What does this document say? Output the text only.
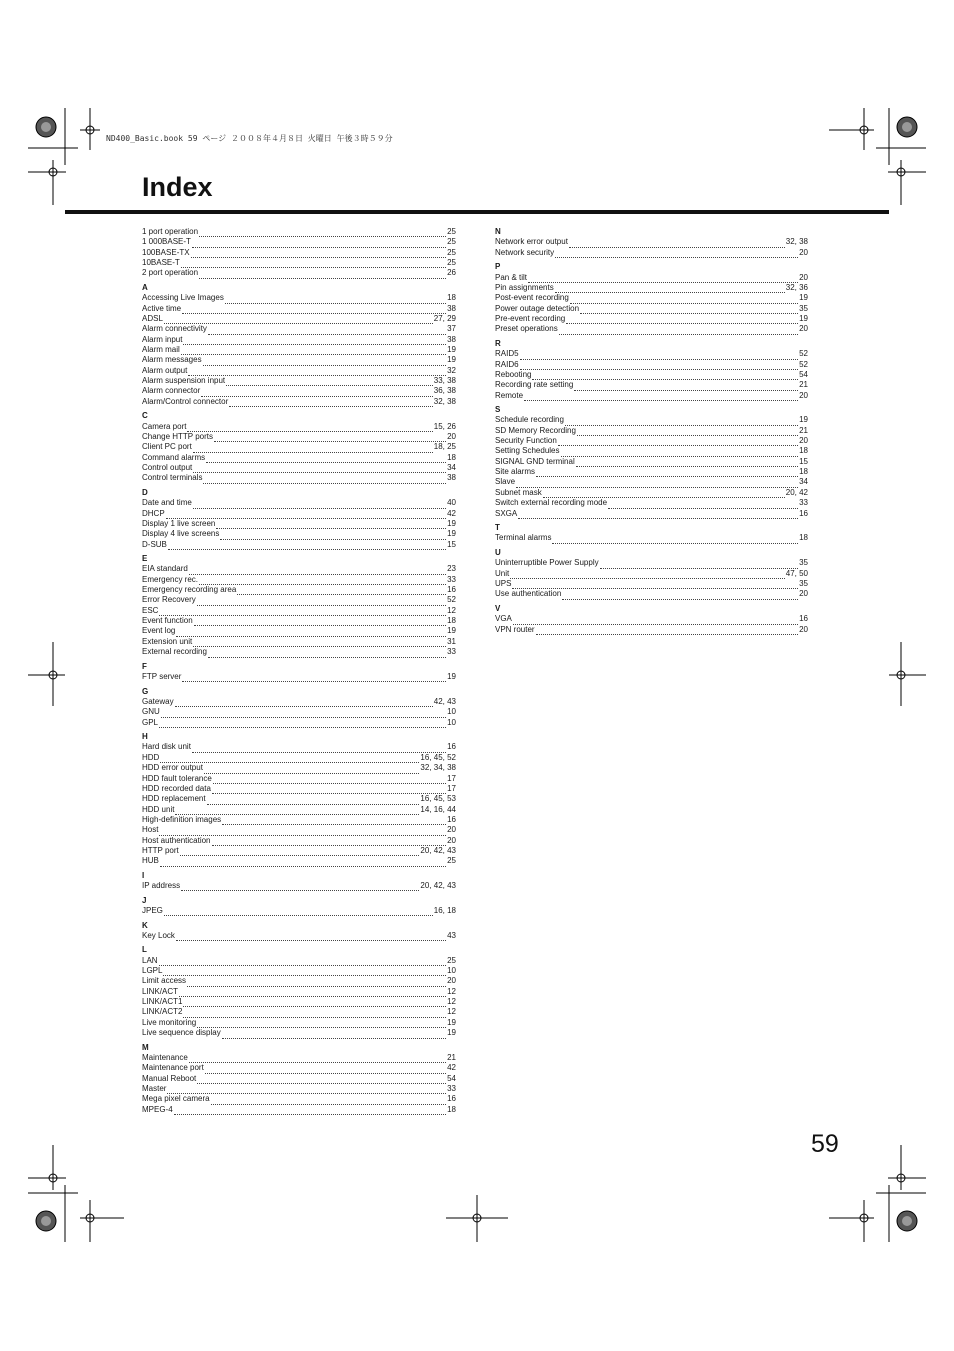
ND400_Basic.book 59 ページ ２００８年４月８日 火曜日 午後３時５９分
Index
1 port operation	25
1 000BASE-T	25
100BASE-TX	25
10BASE-T	25
2 port operation	26
A
Accessing Live Images	18
Active time	38
ADSL	27, 29
Alarm connectivity	37
Alarm input	38
Alarm mail	19
Alarm messages	19
Alarm output	32
Alarm suspension input	33, 38
Alarm connector	36, 38
Alarm/Control connector	32, 38
C
Camera port	15, 26
Change HTTP ports	20
Client PC port	18, 25
Command alarms	18
Control output	34
Control terminals	38
D
Date and time	40
DHCP	42
Display 1 live screen	19
Display 4 live screens	19
D-SUB	15
E
EIA standard	23
Emergency rec.	33
Emergency recording area	16
Error Recovery	52
ESC	12
Event function	18
Event log	19
Extension unit	31
External recording	33
F
FTP server	19
G
Gateway	42, 43
GNU	10
GPL	10
H
Hard disk unit	16
HDD	16, 45, 52
HDD error output	32, 34, 38
HDD fault tolerance	17
HDD recorded data	17
HDD replacement	16, 45, 53
HDD unit	14, 16, 44
High-definition images	16
Host	20
Host authentication	20
HTTP port	20, 42, 43
HUB	25
I
IP address	20, 42, 43
J
JPEG	16, 18
K
Key Lock	43
L
LAN	25
LGPL	10
Limit access	20
LINK/ACT	12
LINK/ACT1	12
LINK/ACT2	12
Live monitoring	19
Live sequence display	19
M
Maintenance	21
Maintenance port	42
Manual Reboot	54
Master	33
Mega pixel camera	16
MPEG-4	18
N
Network error output	32, 38
Network security	20
P
Pan & tilt	20
Pin assignments	32, 36
Post-event recording	19
Power outage detection	35
Pre-event recording	19
Preset operations	20
R
RAID5	52
RAID6	52
Rebooting	54
Recording rate setting	21
Remote	20
S
Schedule recording	19
SD Memory Recording	21
Security Function	20
Setting Schedules	18
SIGNAL GND terminal	15
Site alarms	18
Slave	34
Subnet mask	20, 42
Switch external recording mode	33
SXGA	16
T
Terminal alarms	18
U
Uninterruptible Power Supply	35
Unit	47, 50
UPS	35
Use authentication	20
V
VGA	16
VPN router	20
59
